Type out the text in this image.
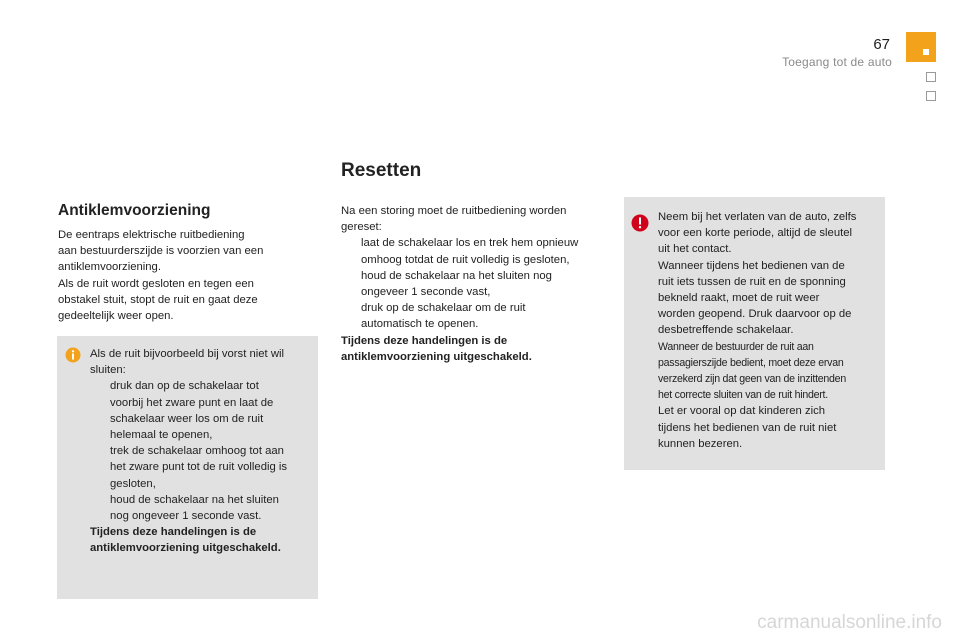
67
Toegang tot de auto
Antiklemvoorziening

De eentraps elektrische ruitbediening

aan bestuurderszijde is voorzien van een

antiklemvoorziening.

Als de ruit wordt gesloten en tegen een

obstakel stuit, stopt de ruit en gaat deze

gedeeltelijk weer open.

Als de ruit bijvoorbeeld bij vorst niet wil

sluiten:

druk dan op de schakelaar tot

voorbij het zware punt en laat de

schakelaar weer los om de ruit

helemaal te openen,

trek de schakelaar omhoog tot aan

het zware punt tot de ruit volledig is

gesloten,

houd de schakelaar na het sluiten

nog ongeveer 1 seconde vast.

Tijdens deze handelingen is de

antiklemvoorziening uitgeschakeld.

Resetten

Na een storing moet de ruitbediening worden

gereset:

laat de schakelaar los en trek hem opnieuw

omhoog totdat de ruit volledig is gesloten,

houd de schakelaar na het sluiten nog

ongeveer 1 seconde vast,

druk op de schakelaar om de ruit

automatisch te openen.

Tijdens deze handelingen is de

antiklemvoorziening uitgeschakeld.

Neem bij het verlaten van de auto, zelfs

voor een korte periode, altijd de sleutel

uit het contact.

Wanneer tijdens het bedienen van de

ruit iets tussen de ruit en de sponning

bekneld raakt, moet de ruit weer

worden geopend. Druk daarvoor op de

desbetreffende schakelaar.

Wanneer de bestuurder de ruit aan

passagierszijde bedient, moet deze ervan

verzekerd zijn dat geen van de inzittenden

het correcte sluiten van de ruit hindert.

Let er vooral op dat kinderen zich

tijdens het bedienen van de ruit niet

kunnen bezeren.

carmanualsonline.info
